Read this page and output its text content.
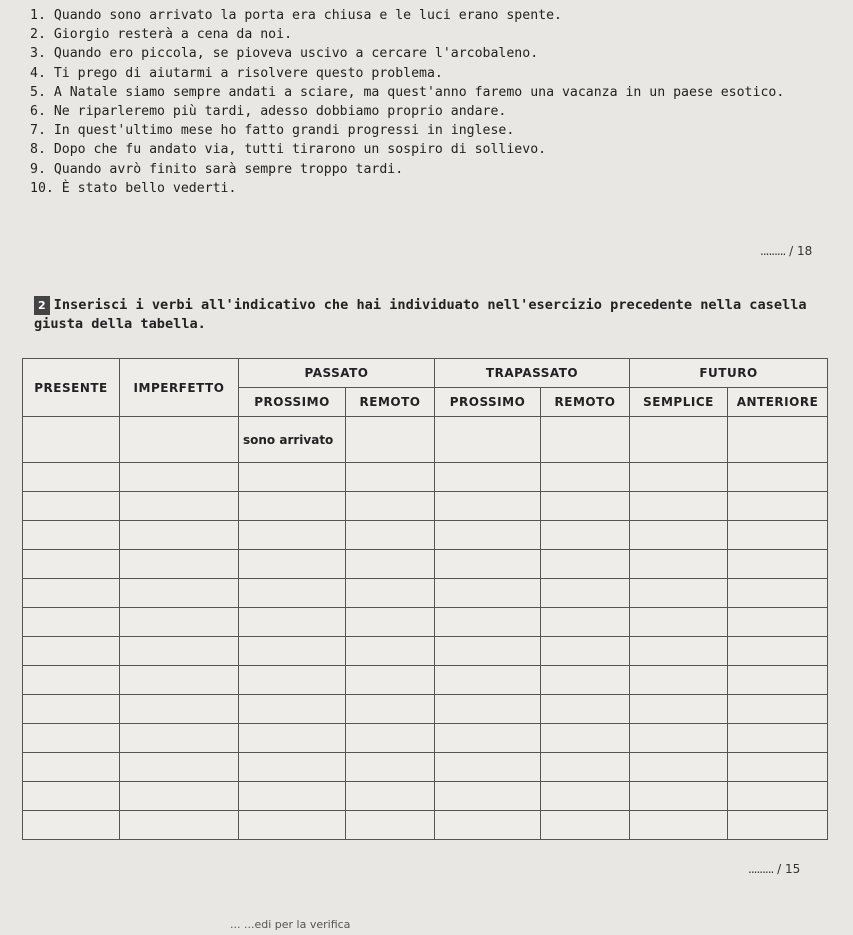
1. Quando sono arrivato la porta era chiusa e le luci erano spente.
2. Giorgio resterà a cena da noi.
3. Quando ero piccola, se pioveva uscivo a cercare l'arcobaleno.
4. Ti prego di aiutarmi a risolvere questo problema.
5. A Natale siamo sempre andati a sciare, ma quest'anno faremo una vacanza in un paese esotico.
6. Ne riparleremo più tardi, adesso dobbiamo proprio andare.
7. In quest'ultimo mese ho fatto grandi progressi in inglese.
8. Dopo che fu andato via, tutti tirarono un sospiro di sollievo.
9. Quando avrò finito sarà sempre troppo tardi.
10. È stato bello vederti.
......... / 18
2 Inserisci i verbi all'indicativo che hai individuato nell'esercizio precedente nella casella giusta della tabella.
PRESENTE	IMPERFETTO	PASSATO		TRAPASSATO		FUTURO	
		PROSSIMO	REMOTO	PROSSIMO	REMOTO	SEMPLICE	ANTERIORE
		sono arrivato					

......... / 15
... ...edi per la verifica
